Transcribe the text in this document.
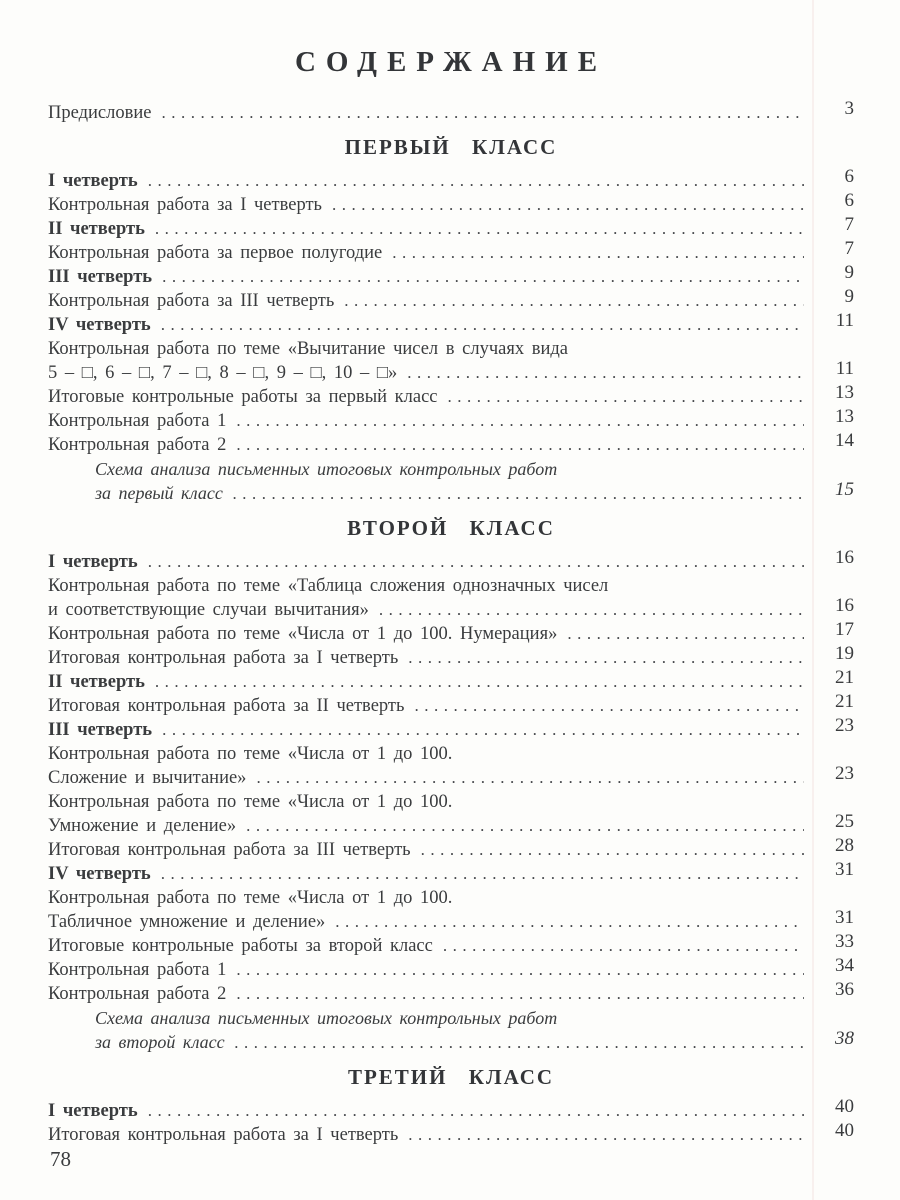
СОДЕРЖАНИЕ
Предисловие .....	3
ПЕРВЫЙ КЛАСС
I четверть .....	6
Контрольная работа за I четверть .....	6
II четверть .....	7
Контрольная работа за первое полугодие .....	7
III четверть .....	9
Контрольная работа за III четверть .....	9
IV четверть .....	11
Контрольная работа по теме «Вычитание чисел в случаях вида
5 – □, 6 – □, 7 – □, 8 – □, 9 – □, 10 – □» .....	11
Итоговые контрольные работы за первый класс .....	13
Контрольная работа 1 .....	13
Контрольная работа 2 .....	14
Схема анализа письменных итоговых контрольных работ
за первый класс .....	15
ВТОРОЙ КЛАСС
I четверть .....	16
Контрольная работа по теме «Таблица сложения однозначных чисел
и соответствующие случаи вычитания» .....	16
Контрольная работа по теме «Числа от 1 до 100. Нумерация» .....	17
Итоговая контрольная работа за I четверть .....	19
II четверть .....	21
Итоговая контрольная работа за II четверть .....	21
III четверть .....	23
Контрольная работа по теме «Числа от 1 до 100.
Сложение и вычитание» .....	23
Контрольная работа по теме «Числа от 1 до 100.
Умножение и деление» .....	25
Итоговая контрольная работа за III четверть .....	28
IV четверть .....	31
Контрольная работа по теме «Числа от 1 до 100.
Табличное умножение и деление» .....	31
Итоговые контрольные работы за второй класс .....	33
Контрольная работа 1 .....	34
Контрольная работа 2 .....	36
Схема анализа письменных итоговых контрольных работ
за второй класс .....	38
ТРЕТИЙ КЛАСС
I четверть .....	40
Итоговая контрольная работа за I четверть .....	40
78
